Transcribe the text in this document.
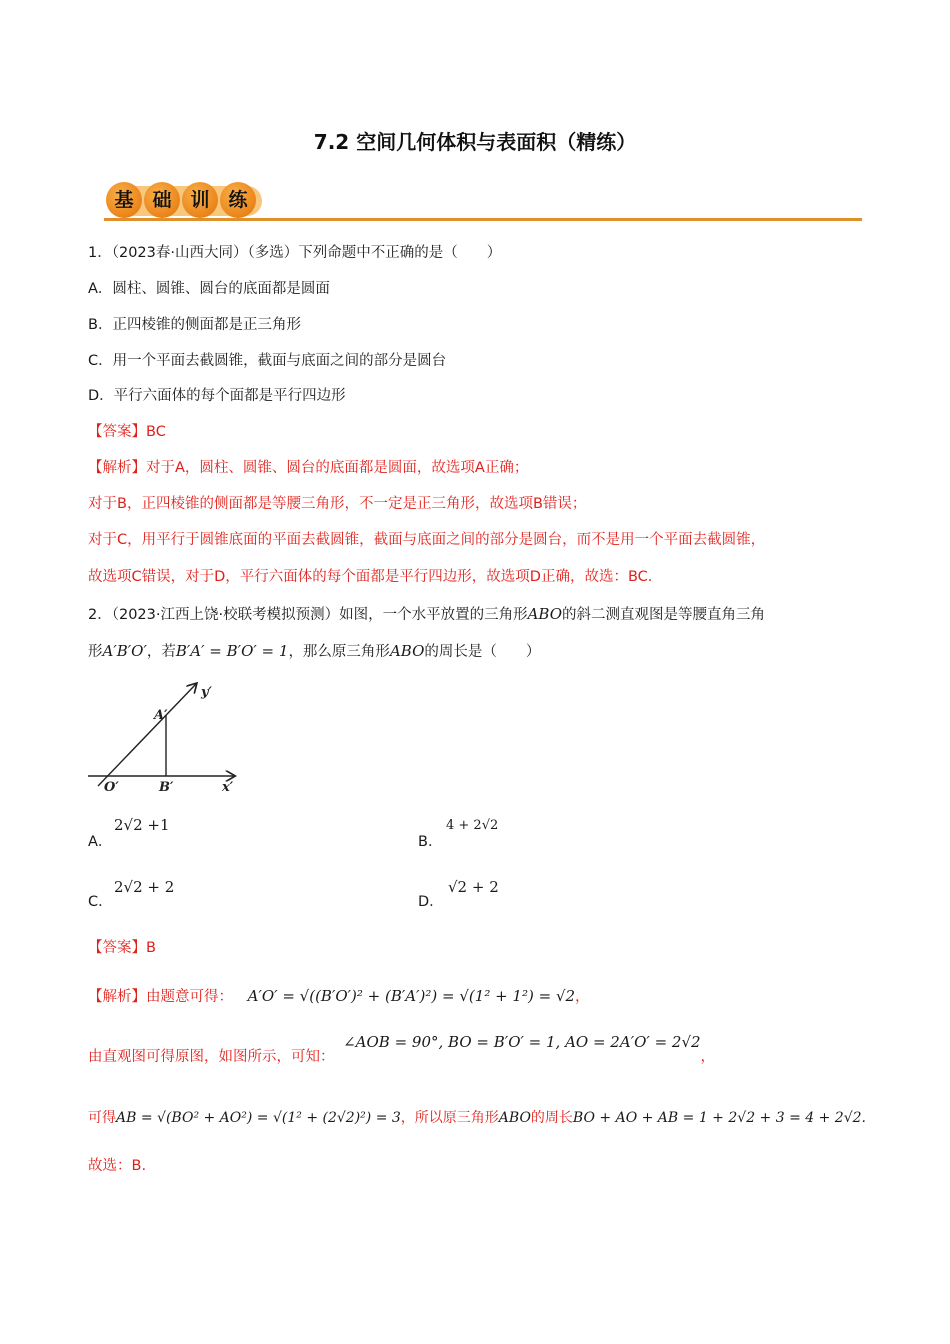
7.2 空间几何体积与表面积（精练）
基 础 训 练
1．（2023春·山西大同）（多选）下列命题中不正确的是（　　）
A．圆柱、圆锥、圆台的底面都是圆面
B．正四棱锥的侧面都是正三角形
C．用一个平面去截圆锥，截面与底面之间的部分是圆台
D．平行六面体的每个面都是平行四边形
【答案】BC
【解析】对于A，圆柱、圆锥、圆台的底面都是圆面，故选项A正确；
对于B，正四棱锥的侧面都是等腰三角形，不一定是正三角形，故选项B错误；
对于C，用平行于圆锥底面的平面去截圆锥，截面与底面之间的部分是圆台，而不是用一个平面去截圆锥，
故选项C错误，对于D，平行六面体的每个面都是平行四边形，故选项D正确，故选：BC.
2．（2023·江西上饶·校联考模拟预测）如图，一个水平放置的三角形ABO的斜二测直观图是等腰直角三角
形A′B′O′，若B′A′ = B′O′ = 1，那么原三角形ABO的周长是（　　）
y′
A′
O′	B′	x′
A．
2√2 +1
B．
4 + 2√2
C．
2√2 + 2
D．
√2 + 2
【答案】B
【解析】由题意可得： A′O′ = √((B′O′)² + (B′A′)²) = √(1² + 1²) = √2，
由直观图可得原图，如图所示，可知： ∠AOB = 90°, BO = B′O′ = 1, AO = 2A′O′ = 2√2，
可得AB = √(BO² + AO²) = √(1² + (2√2)²) = 3，所以原三角形ABO的周长BO + AO + AB = 1 + 2√2 + 3 = 4 + 2√2.
故选：B.
